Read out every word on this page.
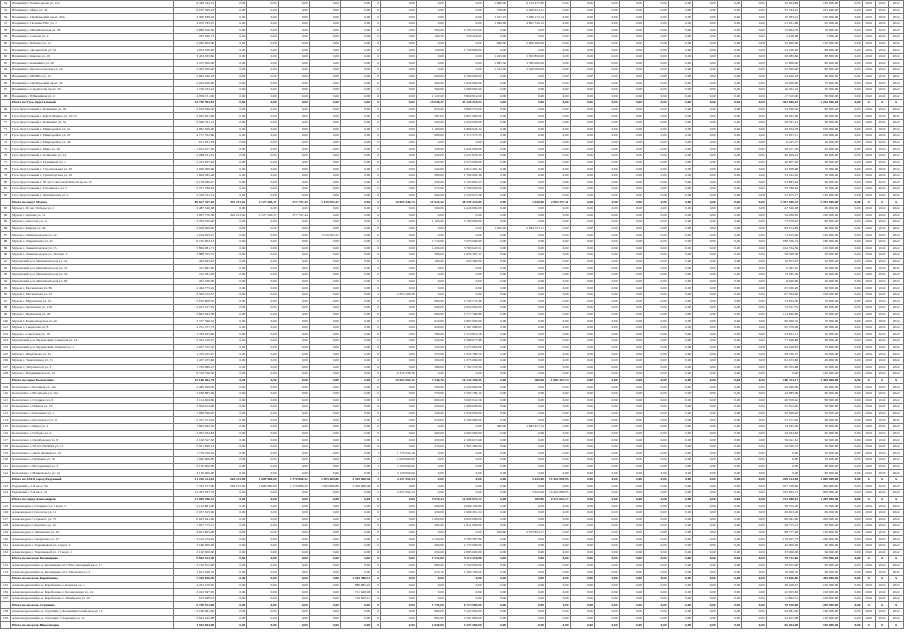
54	Владимир г, Комиссарова ул, 12а	6 348 542,72	0,00	0,00	0,00	0,00	0,00	0	0,00	0,00	0,00	1 080,00	6 319 477,85	0,00	0,00	0,00	0,00	0,00	0,00	0,00	0,00	0,00	32 404,80	120 000,00	0,00	2022	2022	2022
55	Владимир г, Мира ул, 42	6 187 399,23	0,00	0,00	0,00	0,00	0,00	0	0,00	0,00	0,00	768,00	5 469 672,31	0,00	0,00	0,00	0,00	0,00	0,00	0,00	0,00	0,00	37 744,22	105 000,00	0,00	2022	2022	2022
56	Владимир г, Октябрьский пр-кт, 45А	5 400 839,03	0,00	0,00	0,00	0,00	0,00	0	0,00	0,00	0,00	1 167,23	5 280 172,14	0,00	0,00	0,00	0,00	0,00	0,00	0,00	0,00	0,00	10 583,41	100 000,00	0,00	2022	2022	2022
57	Владимир г, Полины РОС ул, 7	4 953 785,97	0,00	0,00	0,00	0,00	0,00	0	0,00	0,00	0,00	1 390,00	4 801 720,12	0,00	0,00	0,00	0,00	0,00	0,00	0,00	0,00	0,00	21 031,86	95 000,00	0,00	2022	2022	2022
58	Владимир г, Михайловская ул, 28	2 880 616,36	0,00	0,00	0,00	0,00	0,00	0	0,00	560,00	2 795 521,60	0,00	0,00	0,00	0,00	0,00	0,00	0,00	0,00	0,00	0,00	0,00	15 094,76	70 000,00	0,00	2022	2022	2022
59	Владимир г, Сомова ул, 4	265 646,73	0,00	0,00	0,00	0,00	0,00	0	0,00	100,50	258 418,65	0,00	0,00	0,00	0,00	0,00	0,00	0,00	0,00	0,00	0,00	0,00	2 228,08	5 000,00	0,00	2022	2022	2022
60	Владимир г, Бабаева ул, 1а	2 982 000,00	0,00	0,00	0,00	0,00	0,00	0	0,00	0,00	0,00	480,00	2 800 000,00	0,00	0,00	0,00	0,00	0,00	0,00	0,00	0,00	0,00	32 000,00	150 000,00	0,00	2022	2022	2022
61	Владимир г, Дворянская ул, 31	1 853 350,65	0,00	0,00	0,00	0,00	0,00	0	0,00	150,00	1 750 000,00	0,00	0,00	0,00	0,00	0,00	0,00	0,00	0,00	0,00	0,00	0,00	23 350,65	80 000,00	0,00	2022	2022	2022
62	Владимир г, Кирова ул, 18	3 403 933,66	0,00	0,00	0,00	0,00	0,00	0	0,00	0,00	0,00	1 245,00	3 303 850,00	0,00	0,00	0,00	0,00	0,00	0,00	0,00	0,00	0,00	20 083,66	80 000,00	0,00	2022	2022	2022
63	Владимир г, Каманина ул, 29	3 475 000,00	0,00	0,00	0,00	0,00	0,00	0	0,00	0,00	0,00	1 085,50	3 380 000,00	0,00	0,00	0,00	0,00	0,00	0,00	0,00	0,00	0,00	15 000,00	80 000,00	0,00	2022	2022	2022
64	Владимир г, Красносельская ул, 10	3 463 500,00	0,00	0,00	0,00	0,00	0,00	0	0,00	0,00	0,00	1 145,00	3 360 000,00	0,00	0,00	0,00	0,00	0,00	0,00	0,00	0,00	0,00	23 500,00	80 000,00	0,00	2022	2022	2022
65	Владимир г, МОПРа ул, 13	2 894 320,18	0,00	0,00	0,00	0,00	0,00	0	0,00	600,00	2 790 000,00	0,00	0,00	0,00	0,00	0,00	0,00	0,00	0,00	0,00	0,00	0,00	24 320,18	80 000,00	0,00	2022	2022	2022
66	Владимир г, Октябрьский пр-кт, 42	2 029 950,00	0,00	0,00	0,00	0,00	0,00	0	0,00	400,00	1 940 000,00	0,00	0,00	0,00	0,00	0,00	0,00	0,00	0,00	0,00	0,00	0,00	19 950,00	70 000,00	0,00	2022	2022	2022
67	Владимир г, Строителей пр-кт, 20	1 726 432,16	0,00	0,00	0,00	0,00	0,00	0	0,00	360,00	1 660 000,00	0,00	0,00	0,00	0,00	0,00	0,00	0,00	0,00	0,00	0,00	0,00	16 432,16	50 000,00	0,00	2022	2022	2022
68	Владимир г, Юбилейная ул, 4	4 058 131,00	0,00	0,00	0,00	0,00	0,00	0	0,00	1 147,00	3 960 812,00	0,00	0,00	0,00	0,00	0,00	0,00	0,00	0,00	0,00	0,00	0,00	17 319,00	80 000,00	0,00	2022	2022	2022
	Итого по Гусь-Хрустальный	44 798 905,85	0,00	0,00	0,00	0,00	0,00	0	0,00	19 046,37	43 126 218,93	0,00	0,00	0,00	0,00	0,00	0,00	0,00	0,00	0,00	0,00	0,00	452 686,92	1 220 000,00	0,00	X	X	X
69	Гусь-Хрустальный г, Калинина ул, 59	3 919 369,30	0,00	0,00	0,00	0,00	0,00	0	0,00	810,00	3 884 570,00	0,00	0,00	0,00	0,00	0,00	0,00	0,00	0,00	0,00	0,00	0,00	34 799,30	80 000,00	0,00	2022	2022	2022
70	Гусь-Хрустальный г, Карла Маркса ул, 10/13	2 995 261,68	0,00	0,00	0,00	0,00	0,00	0	0,00	587,00	2 907 000,00	0,00	0,00	0,00	0,00	0,00	0,00	0,00	0,00	0,00	0,00	0,00	28 261,68	60 000,00	0,00	2022	2022	2022
71	Гусь-Хрустальный г, Калинина ул, 52	2 506 761,12	0,00	0,00	0,00	0,00	0,00	0	0,00	500,00	2 450 000,00	0,00	0,00	0,00	0,00	0,00	0,00	0,00	0,00	0,00	0,00	0,00	26 761,12	60 000,00	0,00	2022	2022	2022
72	Гусь-Хрустальный г, Микрорайон ул, 21	4 981 500,00	0,00	0,00	0,00	0,00	0,00	0	0,00	1 100,00	4 896 945,22	0,00	0,00	0,00	0,00	0,00	0,00	0,00	0,00	0,00	0,00	0,00	49 554,78	100 000,00	0,00	2022	2022	2022
73	Гусь-Хрустальный г, Микрорайон ул, 25	4 717 532,66	0,00	0,00	0,00	0,00	0,00	0	0,00	980,00	4 715 575,55	0,00	0,00	0,00	0,00	0,00	0,00	0,00	0,00	0,00	0,00	0,00	31 957,11	100 000,00	0,00	2022	2022	2022
74	Гусь-Хрустальный г, Микрорайон ул, 40	631 501,58	0,00	0,00	0,00	0,00	0,00	0	0,00	0,00	0,00	0,00	0,00	0,00	0,00	0,00	0,00	0,00	0,00	0,00	0,00	0,00	6 225,37	20 000,00	0,00	2022	2022	2022
75	Гусь-Хрустальный г, Мира ул, 20	1 652 617,30	0,00	0,00	0,00	0,00	0,00	0	0,00	320,00	1 624 000,00	0,00	0,00	0,00	0,00	0,00	0,00	0,00	0,00	0,00	0,00	0,00	28 617,30	40 000,00	0,00	2022	2022	2022
76	Гусь-Хрустальный г, Осипенко ул, 24	2 088 431,91	0,00	0,00	0,00	0,00	0,00	0	0,00	430,00	2 047 876,39	0,00	0,00	0,00	0,00	0,00	0,00	0,00	0,00	0,00	0,00	0,00	40 409,42	60 000,00	0,00	2022	2022	2022
77	Гусь-Хрустальный г, Рудницкой ул, 1	2 415 857,94	0,00	0,00	0,00	0,00	0,00	0	0,00	525,00	2 375 000,00	0,00	0,00	0,00	0,00	0,00	0,00	0,00	0,00	0,00	0,00	0,00	40 857,94	60 000,00	0,00	2022	2022	2022
78	Гусь-Хрустальный г, Строительная ул, 20	2 956 000,00	0,00	0,00	0,00	0,00	0,00	0	0,00	544,00	2 912 291,32	0,00	0,00	0,00	0,00	0,00	0,00	0,00	0,00	0,00	0,00	0,00	43 708,68	70 000,00	0,00	2022	2022	2022
79	Гусь-Хрустальный г, Транспортная ул, 16	1 844 585,28	0,00	0,00	0,00	0,00	0,00	0	0,00	380,00	1 790 062,36	0,00	0,00	0,00	0,00	0,00	0,00	0,00	0,00	0,00	0,00	0,00	54 522,92	50 000,00	0,00	2022	2022	2022
80	Гусь-Хрустальный г, 50 лет Советской Власти пр-кт, 27	2 159 489,47	0,00	0,00	0,00	0,00	0,00	0	0,00	430,00	2 105 605,53	0,00	0,00	0,00	0,00	0,00	0,00	0,00	0,00	0,00	0,00	0,00	53 883,94	60 000,00	0,00	2022	2022	2022
81	Гусь-Хрустальный г, Теплицкого ул, 5	2 761 788,64	0,00	0,00	0,00	0,00	0,00	0	0,00	573,00	2 706 000,00	0,00	0,00	0,00	0,00	0,00	0,00	0,00	0,00	0,00	0,00	0,00	55 788,64	70 000,00	0,00	2022	2022	2022
82	Гусь-Хрустальный г, Октябрьская ул, 2	2 502 311,15	0,00	0,00	0,00	0,00	0,00	0	0,00	494,00	2 150 075,38	0,00	0,00	0,00	0,00	0,00	0,00	0,00	0,00	0,00	0,00	0,00	31 675,77	120 000,00	0,00	2022	2022	2022
	Итого по округ Муром	89 627 357,00	391 213,62	2 727 506,37	377 747,44	1 019 505,47	0,00	2	10 663 446,74	21 923,42	48 229 323,85	0,00	1 050,00	2 864 377,11	0,00	0,00	0,00	0,00	0,00	0,00	0,00	0,00	1 357 586,33	2 255 000,00	0,00	X	X	X
83	Муром г, 30 лет Победы ул, 1	2 487 540,48	0,00	0,00	0,00	0,00	0,00	0	0,00	500,00	2 440 000,00	0,00	0,00	0,00	0,00	0,00	0,00	0,00	0,00	0,00	0,00	0,00	47 540,48	60 000,00	0,00	2022	2022	2022
84	Муром г, Артема ул, 11	3 807 776,38	391 213,62	2 727 506,37	377 747,44	0,00	0,00	0	0,00	0,00	0,00	0,00	0,00	0,00	0,00	0,00	0,00	0,00	0,00	0,00	0,00	0,00	34 036,65	100 000,00	0,00	2022	2022	2022
85	Муром г, Амосова ул, 11	3 264 320,00	0,00	0,00	0,00	0,00	0,00	0	0,00	1 100,00	3 190 000,00	0,00	0,00	0,00	0,00	0,00	0,00	0,00	0,00	0,00	0,00	0,00	73 078,92	80 000,00	0,00	2022	2022	2022
86	Муром г, Кирова ул, 26	2 959 906,00	0,00	0,00	0,00	0,00	0,00	0	0,00	0,00	0,00	1 050,00	2 864 377,11	0,00	0,00	0,00	0,00	0,00	0,00	0,00	0,00	0,00	89 574,84	80 000,00	0,00	2022	2022	2022
87	Муром г, Ленинградская ул, 22	1 019 505,47	0,00	0,00	0,00	1 019 505,47	0,00	0	0,00	0,00	0,00	0,00	0,00	0,00	0,00	0,00	0,00	0,00	0,00	0,00	0,00	0,00	11 015,06	120 000,00	0,00	2022	2022	2022
88	Муром г, Лаврентьева ул, 41	8 210 003,12	0,00	0,00	0,00	0,00	0,00	0	0,00	1 710,00	7 970 000,00	0,00	0,00	0,00	0,00	0,00	0,00	0,00	0,00	0,00	0,00	0,00	180 536,74	180 000,00	0,00	2022	2022	2022
89	Муром г, Ленинградская ул, 15	5 864 981,71	0,00	0,00	0,00	0,00	0,00	0	0,00	1 200,00	5 760 647,21	0,00	0,00	0,00	0,00	0,00	0,00	0,00	0,00	0,00	0,00	0,00	104 334,50	120 000,00	0,00	2022	2022	2022
90	Муром г, Ленинградская ул, 29 корп. 2	1 888 705,75	0,00	0,00	0,00	0,00	0,00	0	0,00	396,00	1 830 397,17	0,00	0,00	0,00	0,00	0,00	0,00	0,00	0,00	0,00	0,00	0,00	58 308,58	50 000,00	0,00	2022	2022	2022
91	Муромский р-н, Механизаторов ул, 41	463 463,03	0,00	0,00	0,00	0,00	0,00	0	0,00	100,00	453 390,00	0,00	0,00	0,00	0,00	0,00	0,00	0,00	0,00	0,00	0,00	0,00	10 073,03	20 000,00	0,00	2022	2022	2022
92	Муромский р-н, Механизаторов ул, 51	327 867,00	0,00	0,00	0,00	0,00	0,00	0	0,00	0,00	0,00	0,00	0,00	0,00	0,00	0,00	0,00	0,00	0,00	0,00	0,00	0,00	6 567,10	20 000,00	0,00	2022	2022	2022
93	Муромский р-н, Механизаторов ул, 59	732 281,60	0,00	0,00	0,00	0,00	0,00	0	0,00	0,00	0,00	0,00	0,00	0,00	0,00	0,00	0,00	0,00	0,00	0,00	0,00	0,00	15 285,50	20 000,00	0,00	2022	2022	2022
94	Муромский р-н, Механизаторов ул, 60	461 330,00	0,00	0,00	0,00	0,00	0,00	0	0,00	0,00	0,00	0,00	0,00	0,00	0,00	0,00	0,00	0,00	0,00	0,00	0,00	0,00	8 620,66	20 000,00	0,00	2022	2022	2022
95	Муром г, Московская ул, 80	2 464 775,24	0,00	0,00	0,00	0,00	0,00	0	0,00	0,00	0,00	0,00	0,00	0,00	0,00	0,00	0,00	0,00	0,00	0,00	0,00	0,00	65 160,29	60 000,00	0,00	2022	2022	2022
96	Муром г, Московская ул, 31	4 583 413,37	0,00	0,00	0,00	0,00	0,00	2	4 353 108,38	0,00	0,00	0,00	0,00	0,00	0,00	0,00	0,00	0,00	0,00	0,00	0,00	0,00	97 304,99	100 000,00	0,00	2022	2022	2022
97	Муром г, Муромская ул, 1б	2 819 608,76	0,00	0,00	0,00	0,00	0,00	0	0,00	600,00	2 745 774,46	0,00	0,00	0,00	0,00	0,00	0,00	0,00	0,00	0,00	0,00	0,00	73 834,30	70 000,00	0,00	2022	2022	2022
98	Муром г, Орловская ул, 118	3 023 227,79	0,00	0,00	0,00	0,00	0,00	0	0,00	640,00	2 950 000,00	0,00	0,00	0,00	0,00	0,00	0,00	0,00	0,00	0,00	0,00	0,00	73 227,79	80 000,00	0,00	2022	2022	2022
99	Муром г, Приокская ул, 26	2 892 643,58	0,00	0,00	0,00	0,00	0,00	0	0,00	600,00	2 777 796,89	0,00	0,00	0,00	0,00	0,00	0,00	0,00	0,00	0,00	0,00	0,00	114 846,69	70 000,00	0,00	2022	2022	2022
100	Муром г, Радиозаводское ш, 40	2 757 396,52	0,00	0,00	0,00	0,00	0,00	0	0,00	610,00	2 667 000,00	0,00	0,00	0,00	0,00	0,00	0,00	0,00	0,00	0,00	0,00	0,00	90 396,52	70 000,00	0,00	2022	2022	2022
101	Муром г, Свердлова ул, 8	2 231 377,73	0,00	0,00	0,00	0,00	0,00	0	0,00	450,00	2 167 998,65	0,00	0,00	0,00	0,00	0,00	0,00	0,00	0,00	0,00	0,00	0,00	63 379,08	60 000,00	0,00	2022	2022	2022
102	Муром г, Советская ул, 18	1 783 433,69	0,00	0,00	0,00	0,00	0,00	0	0,00	380,00	1 719 812,58	0,00	0,00	0,00	0,00	0,00	0,00	0,00	0,00	0,00	0,00	0,00	63 621,11	50 000,00	0,00	2022	2022	2022
103	Муромский р-н, Муромский, Северная ул, 19	2 345 126,37	0,00	0,00	0,00	0,00	0,00	0	0,00	520,00	2 268 077,48	0,00	0,00	0,00	0,00	0,00	0,00	0,00	0,00	0,00	0,00	0,00	77 048,89	60 000,00	0,00	2022	2022	2022
104	Муромский р-н, Муромский, Озёрная ул, 1	2 637 512,52	0,00	0,00	0,00	0,00	0,00	0	0,00	525,00	2 575 063,69	0,00	0,00	0,00	0,00	0,00	0,00	0,00	0,00	0,00	0,00	0,00	62 448,83	70 000,00	0,00	2022	2022	2022
105	Муром г, Щербакова ул, 33	1 703 195,07	0,00	0,00	0,00	0,00	0,00	0	0,00	370,00	1 635 780,50	0,00	0,00	0,00	0,00	0,00	0,00	0,00	0,00	0,00	0,00	0,00	58 530,57	50 000,00	0,00	2022	2022	2022
106	Муром г, Энергетиков ул, 7а	1 437 253,66	0,00	0,00	0,00	0,00	0,00	0	0,00	300,00	1 375 000,00	0,00	0,00	0,00	0,00	0,00	0,00	0,00	0,00	0,00	0,00	0,00	62 253,66	40 000,00	0,00	2022	2022	2022
107	Муром г, Энтузиастов ул, 3	1 763 089,27	0,00	0,00	0,00	0,00	0,00	0	0,00	380,00	1 702 533,39	0,00	0,00	0,00	0,00	0,00	0,00	0,00	0,00	0,00	0,00	0,00	60 555,88	50 000,00	0,00	2022	2022	2022
108	Муром г, Владимирское ш, 12	6 310 338,36	0,00	0,00	0,00	0,00	0,00	0	6 310 338,36	0,00	0,00	0,00	0,00	0,00	0,00	0,00	0,00	0,00	0,00	0,00	0,00	0,00	0,00	120 000,00	0,00	2022	2022	2022
	Итого по город Кольчугино	25 166 662,70	0,00	0,00	0,00	0,00	0,00	2	15 092 382,12	7 346,70	16 134 456,35	0,00	380,00	1 883 457,14	0,00	0,00	0,00	0,00	0,00	0,00	0,00	0,00	186 373,11	1 450 000,00	0,00	X	X	X
109	Кольчугино г, Базарная ул, 14а	2 485 299,09	0,00	0,00	0,00	0,00	0,00	0	0,00	500,00	2 459 000,00	0,00	0,00	0,00	0,00	0,00	0,00	0,00	0,00	0,00	0,00	0,00	26 299,09	60 000,00	0,00	2022	2022	2022
110	Кольчугино г, Васильева ул, 14а	2 638 885,09	0,00	0,00	0,00	0,00	0,00	0	0,00	570,00	2 595 799,10	0,00	0,00	0,00	0,00	0,00	0,00	0,00	0,00	0,00	0,00	0,00	43 085,99	60 000,00	0,00	2022	2022	2022
111	Кольчугино г, Гагарина ул, 9	3 114 600,00	0,00	0,00	0,00	0,00	0,00	0	0,00	660,00	3 065 041,56	0,00	0,00	0,00	0,00	0,00	0,00	0,00	0,00	0,00	0,00	0,00	49 558,44	80 000,00	0,00	2022	2022	2022
112	Кольчугино г, Ильича ул, 16	2 004 614,00	0,00	0,00	0,00	0,00	0,00	0	0,00	420,00	1 969 000,00	0,00	0,00	0,00	0,00	0,00	0,00	0,00	0,00	0,00	0,00	0,00	35 614,00	50 000,00	0,00	2022	2022	2022
113	Кольчугино г, Ключевая ул, 1	1 680 948,20	0,00	0,00	0,00	0,00	0,00	0	0,00	340,00	1 650 000,00	0,00	0,00	0,00	0,00	0,00	0,00	0,00	0,00	0,00	0,00	0,00	30 948,20	50 000,00	0,00	2022	2022	2022
114	Кольчугино г, Котовского ул, 11	2 337 571,04	0,00	0,00	0,00	0,00	0,00	0	0,00	510,00	2 300 000,00	0,00	0,00	0,00	0,00	0,00	0,00	0,00	0,00	0,00	0,00	0,00	37 571,04	60 000,00	0,00	2022	2022	2022
115	Кольчугино г, Мира ул, 3	1 863 092,50	0,00	0,00	0,00	0,00	0,00	0	0,00	0,00	0,00	380,00	1 883 457,14	0,00	0,00	0,00	0,00	0,00	0,00	0,00	0,00	0,00	19 635,36	50 000,00	0,00	2022	2022	2022
116	Кольчугино г, Победы ул, 2	2 097 034,82	0,00	0,00	0,00	0,00	0,00	0	0,00	460,00	2 063 000,00	0,00	0,00	0,00	0,00	0,00	0,00	0,00	0,00	0,00	0,00	0,00	34 034,82	60 000,00	0,00	2022	2022	2022
117	Кольчугино г, Октябрьская ул, 8	2 146 527,30	0,00	0,00	0,00	0,00	0,00	0	0,00	450,00	2 106 615,69	0,00	0,00	0,00	0,00	0,00	0,00	0,00	0,00	0,00	0,00	0,00	39 911,61	60 000,00	0,00	2022	2022	2022
118	Кольчугино г, 50 лет Октября ул, 11	2 021 840,72	0,00	0,00	0,00	0,00	0,00	0	0,00	410,00	1 997 300,00	0,00	0,00	0,00	0,00	0,00	0,00	0,00	0,00	0,00	0,00	0,00	24 540,72	50 000,00	0,00	2022	2022	2022
119	Кольчугино г, Дачи Дачный ул, 16	1 776 250,16	0,00	0,00	0,00	0,00	0,00	1	1 776 250,16	0,00	0,00	0,00	0,00	0,00	0,00	0,00	0,00	0,00	0,00	0,00	0,00	0,00	0,00	50 000,00	0,00	2022	2022	2022
120	Кольчугино г, Пушкина ул, 10	1 000 000,00	0,00	0,00	0,00	0,00	0,00	1	1 000 000,00	0,00	0,00	0,00	0,00	0,00	0,00	0,00	0,00	0,00	0,00	0,00	0,00	0,00	0,00	30 000,00	0,00	2022	2022	2022
121	Кольчугино г, Молодежная ул, 3	3 150 000,00	0,00	0,00	0,00	0,00	0,00	1	3 150 000,00	0,00	0,00	0,00	0,00	0,00	0,00	0,00	0,00	0,00	0,00	0,00	0,00	0,00	0,00	80 000,00	0,00	2022	2022	2022
122	Кольчугино г, Маяковского ул, 10	3 150 000,00	0,00	0,00	0,00	0,00	0,00	1	3 150 000,00	0,00	0,00	0,00	0,00	0,00	0,00	0,00	0,00	0,00	0,00	0,00	0,00	0,00	0,00	80 000,00	0,00	2022	2022	2022
	Итого по ЗАТО город Радужный	21 256 214,82	564 231,60	1 609 960,00	1 770 886,42	1 905 869,80	2 439 968,38	2	4 257 454,33	0,00	0,00	0,00	3 625,00	13 401 899,95	0,00	0,00	0,00	0,00	0,00	0,00	0,00	0,00	290 214,58	1 000 000,00	0,00	X	X	X
123	Радужный г, 1-й кв-л, 3А	7 792 577,06	564 231,60	1 609 960,00	1 770 886,42	1 905 869,80	2 439 968,38	0	0,00	0,00	0,00	0,00	0,00	0,00	0,00	0,00	0,00	0,00	0,00	0,00	0,00	0,00	107 148,86	400 000,00	0,00	2022	2022	2022
124	Радужный г, 3-й кв-л, 22	13 463 637,76	0,00	0,00	0,00	0,00	0,00	2	4 257 454,33	0,00	0,00	0,00	3 625,00	13 401 899,95	0,00	0,00	0,00	0,00	0,00	0,00	0,00	0,00	183 065,72	600 000,00	0,00	2022	2022	2022
	Итого по город Александров	21 909 296,32	0,00	0,00	0,00	0,00	0,00	0	0,00	9 570,24	12 495 875,14	0,00	209,80	4 973 852,17	0,00	0,00	0,00	0,00	0,00	0,00	0,00	0,00	741 480,01	1 200 000,00	0,00	X	X	X
125	Александров г, Гагарина ул, 1 корп. 3	2 122 881,00	0,00	0,00	0,00	0,00	0,00	0	0,00	490,00	2 064 126,80	0,00	0,00	0,00	0,00	0,00	0,00	0,00	0,00	0,00	0,00	0,00	58 754,20	70 000,00	0,00	2022	2022	2022
126	Александров г, Геологов ул, 11	2 037 015,00	0,00	0,00	0,00	0,00	0,00	0	0,00	430,00	1 996 361,54	0,00	0,00	0,00	0,00	0,00	0,00	0,00	0,00	0,00	0,00	0,00	40 653,46	60 000,00	0,00	2022	2022	2022
127	Александров г, Горького ул, 37	6 925 041,96	0,00	0,00	0,00	0,00	0,00	0	0,00	1 600,00	6 845 000,00	0,00	0,00	0,00	0,00	0,00	0,00	0,00	0,00	0,00	0,00	0,00	80 041,96	200 000,00	0,00	2022	2022	2022
128	Александров г, Красина ул, 12	1 857 715,31	0,00	0,00	0,00	0,00	0,00	0	0,00	392,00	1 811 000,00	0,00	0,00	0,00	0,00	0,00	0,00	0,00	0,00	0,00	0,00	0,00	46 715,31	60 000,00	0,00	2022	2022	2022
129	Александров г, Ленинская ул, 20	4 823 805,00	0,00	0,00	0,00	0,00	0,00	0	0,00	0,00	0,00	209,80	4 973 852,17	0,00	0,00	0,00	0,00	0,00	0,00	0,00	0,00	0,00	98 777,48	120 000,00	0,00	2022	2022	2022
130	Александров г, Свердлова ул, 15	3 102 274,92	0,00	0,00	0,00	0,00	0,00	0	0,00	2 150,00	3 785 387,80	0,00	0,00	0,00	0,00	0,00	0,00	0,00	0,00	0,00	0,00	0,00	176 637,73	250 000,00	0,00	2022	2022	2022
131	Александров г, Терешковой ул, 2 корп. 2	2 180 000,00	0,00	0,00	0,00	0,00	0,00	0	0,00	490,00	2 135 000,00	0,00	0,00	0,00	0,00	0,00	0,00	0,00	0,00	0,00	0,00	0,00	45 000,00	60 000,00	0,00	2022	2022	2022
132	Александров г, Терешковой ул, 15 корп. 1	2 120 000,00	0,00	0,00	0,00	0,00	0,00	0	0,00	450,00	2 083 000,00	0,00	0,00	0,00	0,00	0,00	0,00	0,00	0,00	0,00	0,00	0,00	37 000,00	60 000,00	0,00	2022	2022	2022
	Итого по поселок Балакирево	9 663 522,38	0,00	0,00	0,00	0,00	0,00	0	0,00	1 512,00	9 114 516,88	0,00	0,00	0,00	0,00	0,00	0,00	0,00	0,00	0,00	0,00	0,00	79 712,66	270 000,00	0,00	X	X	X
133	Александровский р-н, Балакирево пгт, Юго-Западный кв-л, 17	3 210 815,00	0,00	0,00	0,00	0,00	0,00	0	0,00	680,00	3 150 000,00	0,00	0,00	0,00	0,00	0,00	0,00	0,00	0,00	0,00	0,00	0,00	29 815,00	90 000,00	0,00	2022	2022	2022
134	Александровский р-н, Балакирево пгт, Заводская ул, 2	1 814 208,70	0,00	0,00	0,00	0,00	0,00	0	0,00	274,70	1 594 700,00	0,00	0,00	0,00	0,00	0,00	0,00	0,00	0,00	0,00	0,00	0,00	19 508,70	60 000,00	0,00	2022	2022	2022
	Итого по поселок Карабаново	7 420 056,40	0,00	0,00	0,00	0,00	2 303 388,31	0	0,00	0,00	0,00	0,00	0,00	0,00	0,00	0,00	0,00	0,00	0,00	0,00	0,00	0,00	72 846,80	350 000,00	0,00	X	X	X
135	Александровский р-н, Карабаново г, Карпова ул, 1	4 261 159,95	0,00	0,00	0,00	0,00	880 895,10	0	0,00	0,00	0,00	0,00	0,00	0,00	0,00	0,00	0,00	0,00	0,00	0,00	0,00	0,00	38 228,47	150 000,00	0,00	2022	2022	2022
136	Александровский р-н, Карабаново г, Косиновская ул, 14	2 243 397,93	0,00	0,00	0,00	0,00	711 648,00	0	0,00	0,00	0,00	0,00	0,00	0,00	0,00	0,00	0,00	0,00	0,00	0,00	0,00	0,00	22 955,82	100 000,00	0,00	2022	2022	2022
137	Александровский р-н, Карабаново г, Ленинская ул, 10	915 498,52	0,00	0,00	0,00	0,00	710 845,21	0	0,00	0,00	0,00	0,00	0,00	0,00	0,00	0,00	0,00	0,00	0,00	0,00	0,00	0,00	11 662,51	100 000,00	0,00	2022	2022	2022
	Итого по поселок Струнино	6 790 523,08	0,00	0,00	0,00	0,00	0,00	0	0,00	1 755,00	6 713 985,00	0,00	0,00	0,00	0,00	0,00	0,00	0,00	0,00	0,00	0,00	0,00	76 538,08	250 000,00	0,00	X	X	X
138	Александровский р-н, Струнино г, Большевистский проезд, 15	3 166 081,00	0,00	0,00	0,00	0,00	0,00	0	0,00	860,00	3 122 000,00	0,00	0,00	0,00	0,00	0,00	0,00	0,00	0,00	0,00	0,00	0,00	44 081,00	100 000,00	0,00	2022	2022	2022
139	Александровский р-н, Струнино г, Заречная ул, 1а	3 624 442,08	0,00	0,00	0,00	0,00	0,00	0	0,00	895,00	3 591 985,00	0,00	0,00	0,00	0,00	0,00	0,00	0,00	0,00	0,00	0,00	0,00	32 457,08	150 000,00	0,00	2022	2022	2022
	Итого по поселок Никологоры	4 503 964,98	0,00	0,00	0,00	0,00	0,00	0	0,00	1 050,00	4 437 560,00	0,00	0,00	0,00	0,00	0,00	0,00	0,00	0,00	0,00	0,00	0,00	66 404,98	150 000,00	0,00	X	X	X
